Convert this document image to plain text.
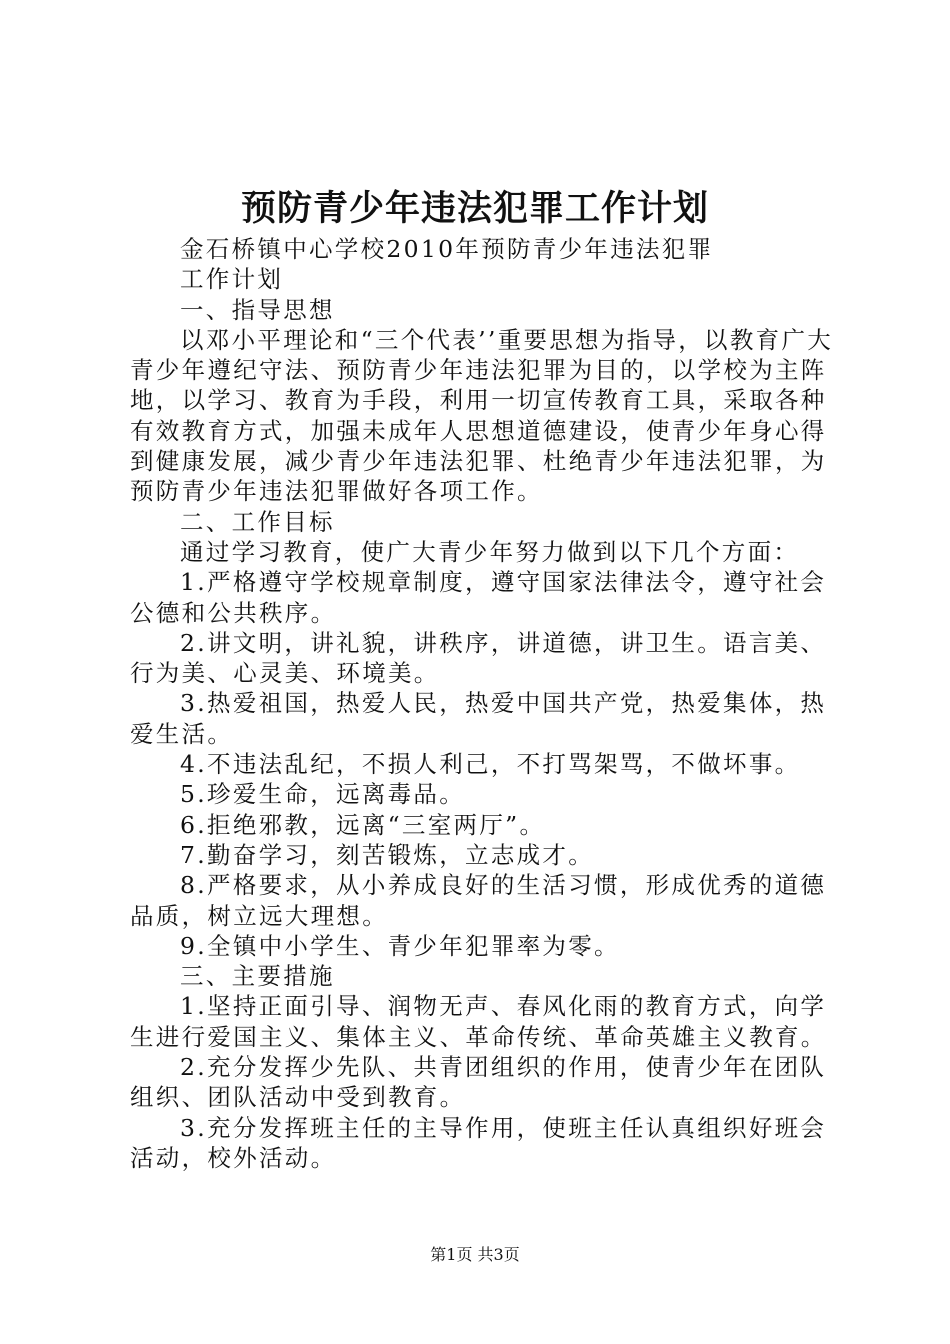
预防青少年违法犯罪工作计划

金石桥镇中心学校2010年预防青少年违法犯罪

工作计划

一、指导思想

以邓小平理论和“三个代表’’重要思想为指导，以教育广大青少年遵纪守法、预防青少年违法犯罪为目的，以学校为主阵地，以学习、教育为手段，利用一切宣传教育工具，采取各种有效教育方式，加强未成年人思想道德建设，使青少年身心得到健康发展，减少青少年违法犯罪、杜绝青少年违法犯罪，为预防青少年违法犯罪做好各项工作。

二、工作目标

通过学习教育，使广大青少年努力做到以下几个方面：

1.严格遵守学校规章制度，遵守国家法律法令，遵守社会公德和公共秩序。

2.讲文明，讲礼貌，讲秩序，讲道德，讲卫生。语言美、行为美、心灵美、环境美。

3.热爱祖国，热爱人民，热爱中国共产党，热爱集体，热爱生活。

4.不违法乱纪，不损人利己，不打骂架骂，不做坏事。

5.珍爱生命，远离毒品。

6.拒绝邪教，远离“三室两厅”。

7.勤奋学习，刻苦锻炼，立志成才。

8.严格要求，从小养成良好的生活习惯，形成优秀的道德品质，树立远大理想。

9.全镇中小学生、青少年犯罪率为零。

三、主要措施

1.坚持正面引导、润物无声、春风化雨的教育方式，向学生进行爱国主义、集体主义、革命传统、革命英雄主义教育。

2.充分发挥少先队、共青团组织的作用，使青少年在团队组织、团队活动中受到教育。

3.充分发挥班主任的主导作用，使班主任认真组织好班会活动，校外活动。

第1页 共3页
